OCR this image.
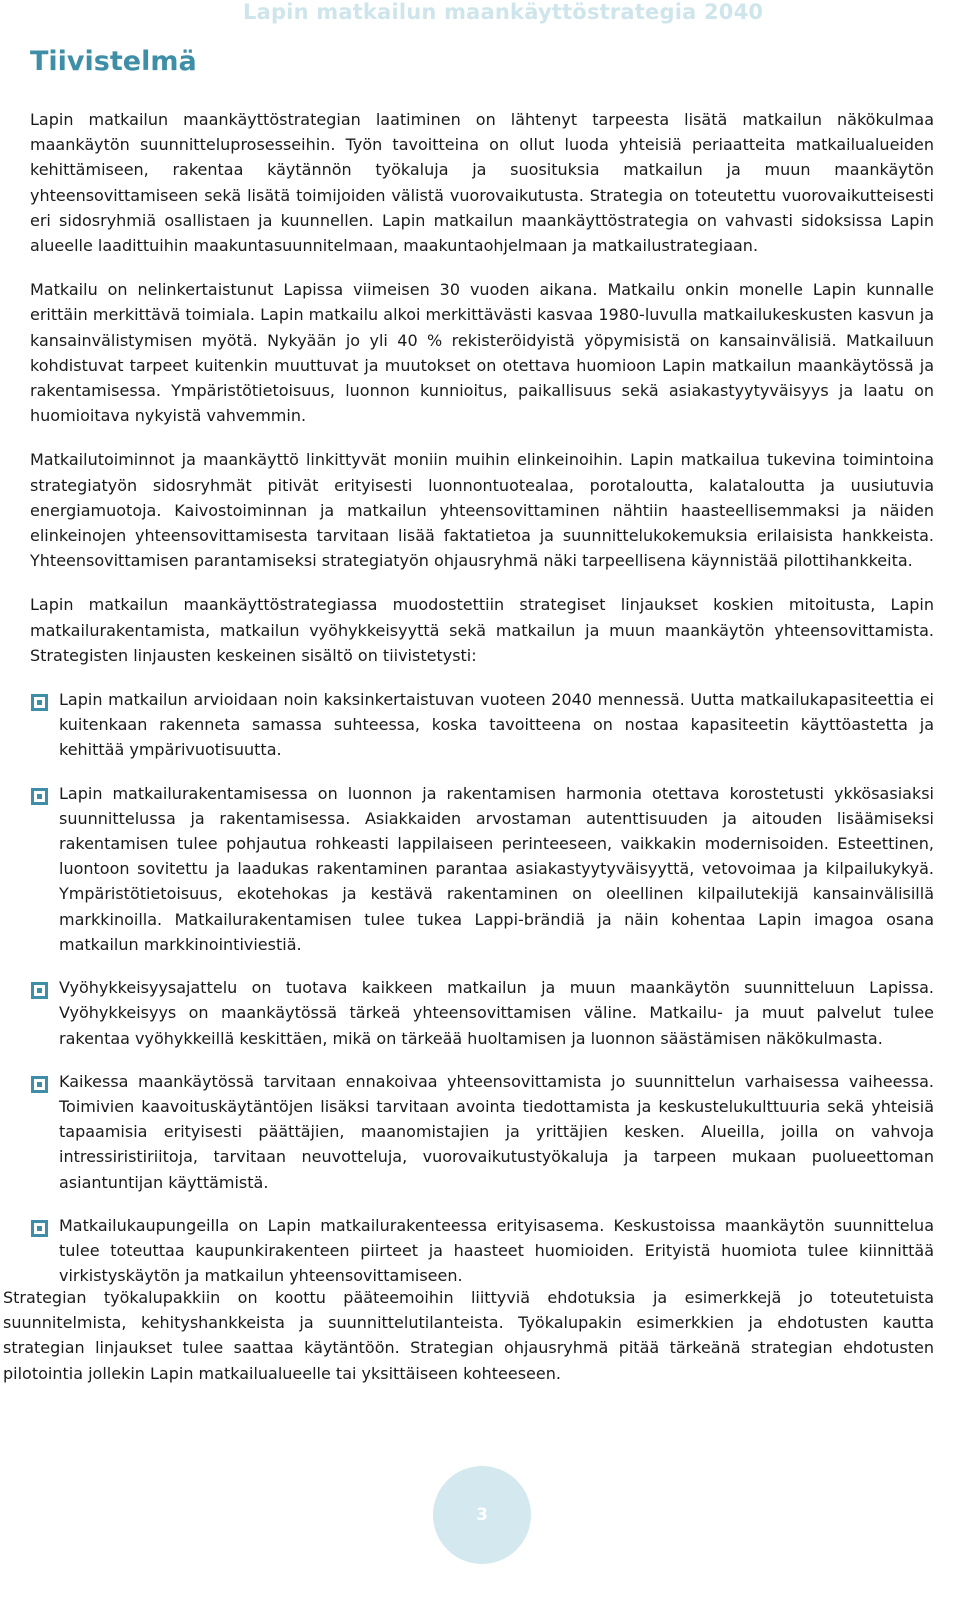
Lapin matkailun maankäyttöstrategia 2040
Tiivistelmä

Lapin matkailun maankäyttöstrategian laatiminen on lähtenyt tarpeesta lisätä matkailun näkökulmaa maankäytön suunnitteluprosesseihin. Työn tavoitteina on ollut luoda yhteisiä periaatteita matkailualueiden kehittämiseen, rakentaa käytännön työkaluja ja suosituksia matkailun ja muun maankäytön yhteensovittamiseen sekä lisätä toimijoiden välistä vuorovaikutusta. Strategia on toteutettu vuorovaikutteisesti eri sidosryhmiä osallistaen ja kuunnellen. Lapin matkailun maankäyttöstrategia on vahvasti sidoksissa Lapin alueelle laadittuihin maakuntasuunnitelmaan, maakuntaohjelmaan ja matkailustrategiaan.

Matkailu on nelinkertaistunut Lapissa viimeisen 30 vuoden aikana. Matkailu onkin monelle Lapin kunnalle erittäin merkittävä toimiala. Lapin matkailu alkoi merkittävästi kasvaa 1980-luvulla matkailukeskusten kasvun ja kansainvälistymisen myötä. Nykyään jo yli 40 % rekisteröidyistä yöpymisistä on kansainvälisiä. Matkailuun kohdistuvat tarpeet kuitenkin muuttuvat ja muutokset on otettava huomioon Lapin matkailun maankäytössä ja rakentamisessa. Ympäristötietoisuus, luonnon kunnioitus, paikallisuus sekä asiakastyytyväisyys ja laatu on huomioitava nykyistä vahvemmin.

Matkailutoiminnot ja maankäyttö linkittyvät moniin muihin elinkeinoihin. Lapin matkailua tukevina toimintoina strategiatyön sidosryhmät pitivät erityisesti luonnontuotealaa, porotaloutta, kalataloutta ja uusiutuvia energiamuotoja. Kaivostoiminnan ja matkailun yhteensovittaminen nähtiin haasteellisemmaksi ja näiden elinkeinojen yhteensovittamisesta tarvitaan lisää faktatietoa ja suunnittelukokemuksia erilaisista hankkeista. Yhteensovittamisen parantamiseksi strategiatyön ohjausryhmä näki tarpeellisena käynnistää pilottihankkeita.

Lapin matkailun maankäyttöstrategiassa muodostettiin strategiset linjaukset koskien mitoitusta, Lapin matkailurakentamista, matkailun vyöhykkeisyyttä sekä matkailun ja muun maankäytön yhteensovittamista. Strategisten linjausten keskeinen sisältö on tiivistetysti:

Lapin matkailun arvioidaan noin kaksinkertaistuvan vuoteen 2040 mennessä. Uutta matkailukapasiteettia ei kuitenkaan rakenneta samassa suhteessa, koska tavoitteena on nostaa kapasiteetin käyttöastetta ja kehittää ympärivuotisuutta.
Lapin matkailurakentamisessa on luonnon ja rakentamisen harmonia otettava korostetusti ykkösasiaksi suunnittelussa ja rakentamisessa. Asiakkaiden arvostaman autenttisuuden ja aitouden lisäämiseksi rakentamisen tulee pohjautua rohkeasti lappilaiseen perinteeseen, vaikkakin modernisoiden. Esteettinen, luontoon sovitettu ja laadukas rakentaminen parantaa asiakastyytyväisyyttä, vetovoimaa ja kilpailukykyä. Ympäristötietoisuus, ekotehokas ja kestävä rakentaminen on oleellinen kilpailutekijä kansainvälisillä markkinoilla. Matkailurakentamisen tulee tukea Lappi-brändiä ja näin kohentaa Lapin imagoa osana matkailun markkinointiviestiä.
Vyöhykkeisyysajattelu on tuotava kaikkeen matkailun ja muun maankäytön suunnitteluun Lapissa. Vyöhykkeisyys on maankäytössä tärkeä yhteensovittamisen väline. Matkailu- ja muut palvelut tulee rakentaa vyöhykkeillä keskittäen, mikä on tärkeää huoltamisen ja luonnon säästämisen näkökulmasta.
Kaikessa maankäytössä tarvitaan ennakoivaa yhteensovittamista jo suunnittelun varhaisessa vaiheessa. Toimivien kaavoituskäytäntöjen lisäksi tarvitaan avointa tiedottamista ja keskustelukulttuuria sekä yhteisiä tapaamisia erityisesti päättäjien, maanomistajien ja yrittäjien kesken. Alueilla, joilla on vahvoja intressiristiriitoja, tarvitaan neuvotteluja, vuorovaikutustyökaluja ja tarpeen mukaan puolueettoman asiantuntijan käyttämistä.
Matkailukaupungeilla on Lapin matkailurakenteessa erityisasema. Keskustoissa maankäytön suunnittelua tulee toteuttaa kaupunkirakenteen piirteet ja haasteet huomioiden. Erityistä huomiota tulee kiinnittää virkistyskäytön ja matkailun yhteensovittamiseen.

Strategian työkalupakkiin on koottu pääteemoihin liittyviä ehdotuksia ja esimerkkejä jo toteutetuista suunnitelmista, kehityshankkeista ja suunnittelutilanteista. Työkalupakin esimerkkien ja ehdotusten kautta strategian linjaukset tulee saattaa käytäntöön. Strategian ohjausryhmä pitää tärkeänä strategian ehdotusten pilotointia jollekin Lapin matkailualueelle tai yksittäiseen kohteeseen.

3
